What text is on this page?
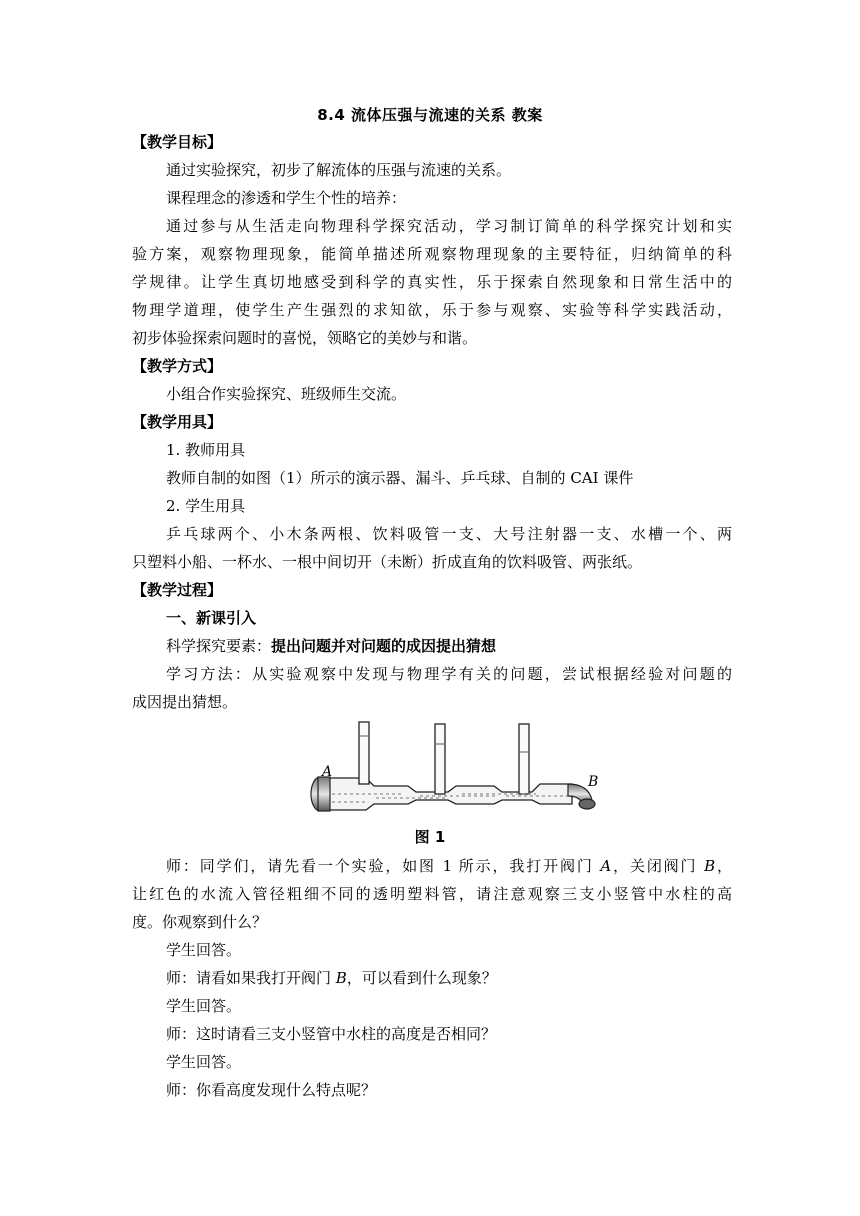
8.4 流体压强与流速的关系 教案
【教学目标】
通过实验探究，初步了解流体的压强与流速的关系。
课程理念的渗透和学生个性的培养：
通过参与从生活走向物理科学探究活动，学习制订简单的科学探究计划和实
验方案，观察物理现象，能简单描述所观察物理现象的主要特征，归纳简单的科
学规律。让学生真切地感受到科学的真实性，乐于探索自然现象和日常生活中的
物理学道理，使学生产生强烈的求知欲，乐于参与观察、实验等科学实践活动，
初步体验探索问题时的喜悦，领略它的美妙与和谐。
【教学方式】
小组合作实验探究、班级师生交流。
【教学用具】
1. 教师用具
教师自制的如图（1）所示的演示器、漏斗、乒乓球、自制的 CAI 课件
2. 学生用具
乒乓球两个、小木条两根、饮料吸管一支、大号注射器一支、水槽一个、两
只塑料小船、一杯水、一根中间切开（未断）折成直角的饮料吸管、两张纸。
【教学过程】
一、新课引入
科学探究要素：提出问题并对问题的成因提出猜想
学习方法：从实验观察中发现与物理学有关的问题，尝试根据经验对问题的
成因提出猜想。
A
B
图 1
师：同学们，请先看一个实验，如图 1 所示，我打开阀门 A，关闭阀门 B，
让红色的水流入管径粗细不同的透明塑料管，请注意观察三支小竖管中水柱的高
度。你观察到什么？
学生回答。
师：请看如果我打开阀门 B，可以看到什么现象？
学生回答。
师：这时请看三支小竖管中水柱的高度是否相同？
学生回答。
师：你看高度发现什么特点呢？
